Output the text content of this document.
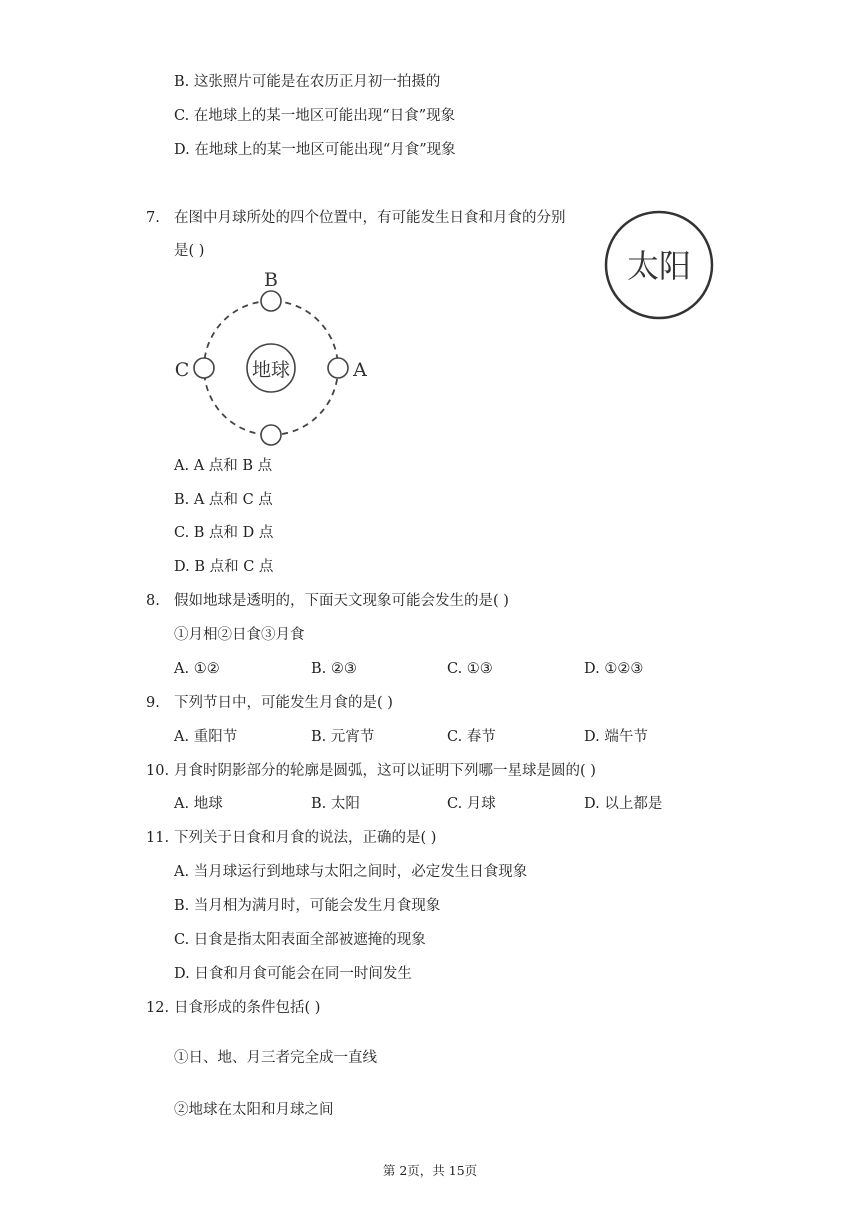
B. 这张照片可能是在农历正月初一拍摄的
C. 在地球上的某一地区可能出现“日食”现象
D. 在地球上的某一地区可能出现“月食”现象
7. 在图中月球所处的四个位置中，有可能发生日食和月食的分别
是( )	太阳
地球
B
C	A
A. A 点和 B 点
B. A 点和 C 点
C. B 点和 D 点
D. B 点和 C 点
8. 假如地球是透明的，下面天文现象可能会发生的是( )
①月相②日食③月食
A. ①②	B. ②③	C. ①③	D. ①②③
9. 下列节日中，可能发生月食的是( )
A. 重阳节	B. 元宵节	C. 春节	D. 端午节
10. 月食时阴影部分的轮廓是圆弧，这可以证明下列哪一星球是圆的( )
A. 地球	B. 太阳	C. 月球	D. 以上都是
11. 下列关于日食和月食的说法，正确的是( )
A. 当月球运行到地球与太阳之间时，必定发生日食现象
B. 当月相为满月时，可能会发生月食现象
C. 日食是指太阳表面全部被遮掩的现象
D. 日食和月食可能会在同一时间发生
12. 日食形成的条件包括( )
①日、地、月三者完全成一直线
②地球在太阳和月球之间
第 2页，共 15页
